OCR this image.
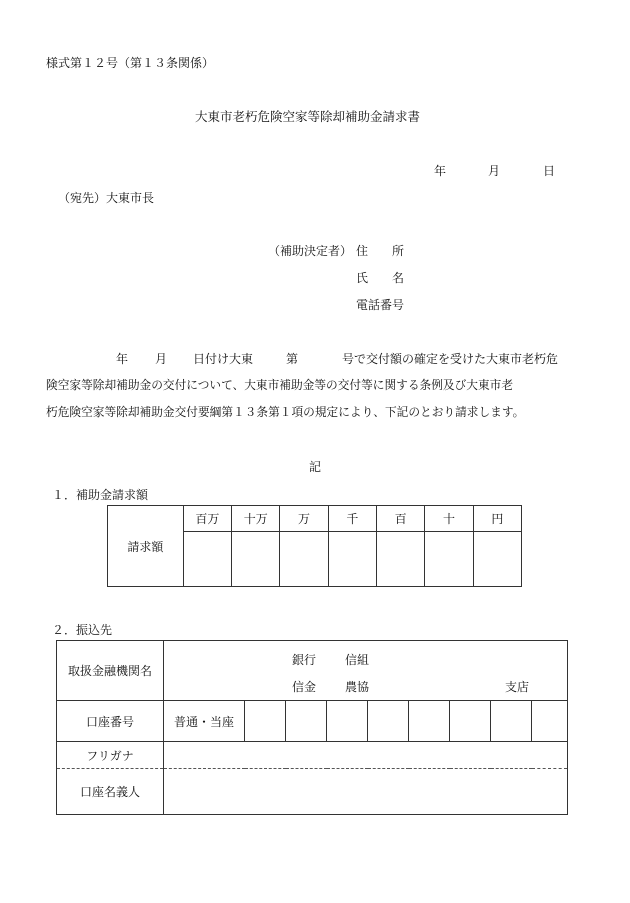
様式第１２号（第１３条関係）
大東市老朽危険空家等除却補助金請求書
年	月	日
（宛先）大東市長
（補助決定者） 住　　所
氏　　名
電話番号
年 月 日付け大東	第	号で交付額の確定を受けた大東市老朽危
険空家等除却補助金の交付について、大東市補助金等の交付等に関する条例及び大東市老
朽危険空家等除却補助金交付要綱第１３条第１項の規定により、下記のとおり請求します。
記
１．補助金請求額
請求額	百万	十万	万	千	百	十	円

２．振込先
取扱金融機関名	銀行 信組
信金 農協 支店								

口座番号	普通・当座								
フリガナ									
口座名義人									
